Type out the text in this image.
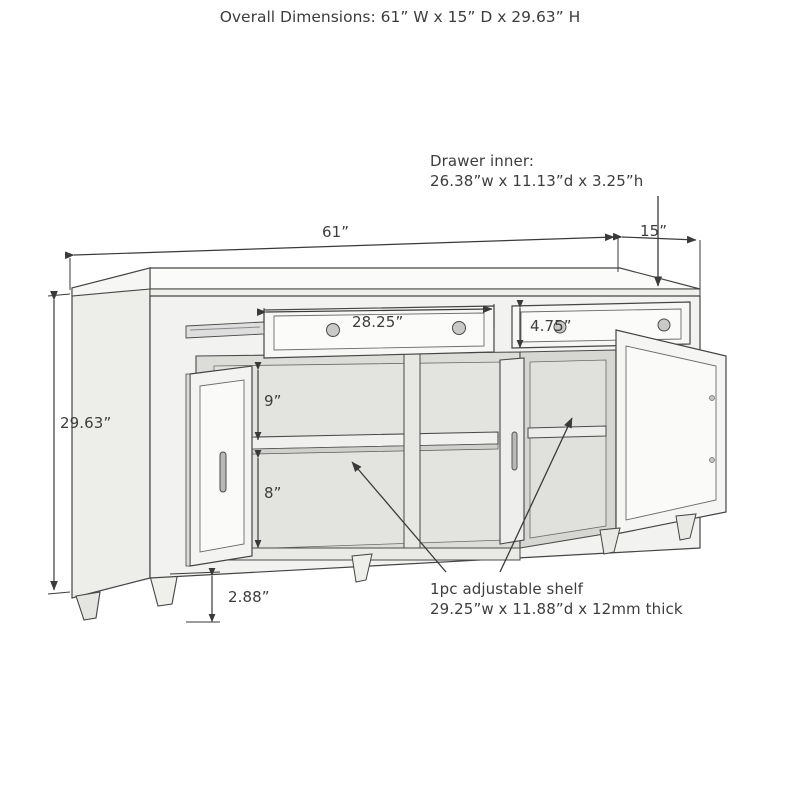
Overall Dimensions: 61” W x 15” D x 29.63” H
61”	15”
29.63”
28.25”	4.75”
9”
8”
2.88”
Drawer inner:
26.38”w x 11.13”d x 3.25”h
1pc adjustable shelf
29.25”w x 11.88”d x 12mm thick
